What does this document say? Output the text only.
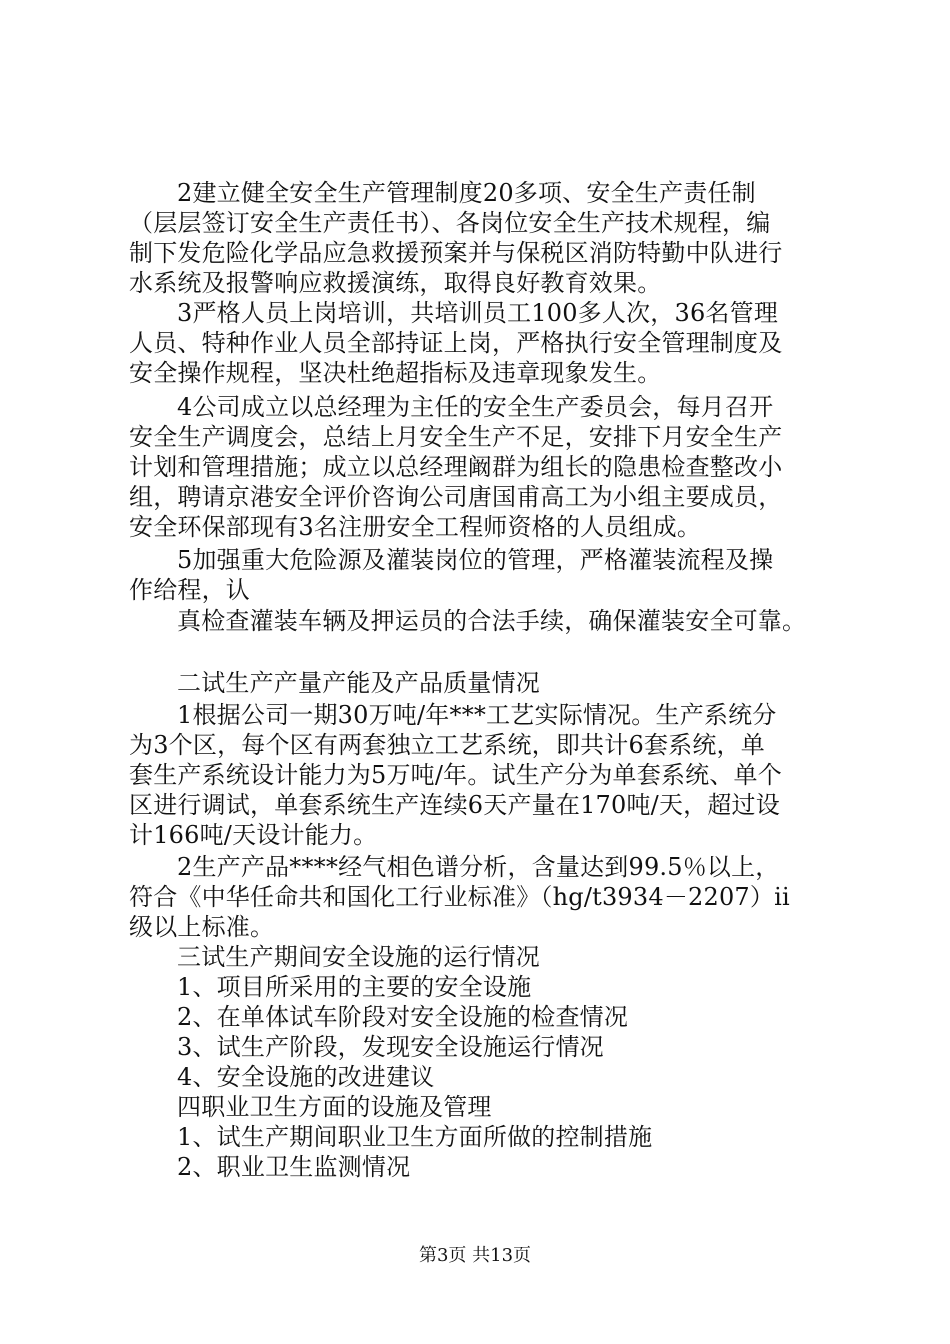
2建立健全安全生产管理制度20多项、安全生产责任制
（层层签订安全生产责任书）、各岗位安全生产技术规程，编
制下发危险化学品应急救援预案并与保税区消防特勤中队进行
水系统及报警响应救援演练，取得良好教育效果。
3严格人员上岗培训，共培训员工100多人次，36名管理
人员、特种作业人员全部持证上岗，严格执行安全管理制度及
安全操作规程，坚决杜绝超指标及违章现象发生。
4公司成立以总经理为主任的安全生产委员会，每月召开
安全生产调度会，总结上月安全生产不足，安排下月安全生产
计划和管理措施；成立以总经理阚群为组长的隐患检查整改小
组，聘请京港安全评价咨询公司唐国甫高工为小组主要成员，
安全环保部现有3名注册安全工程师资格的人员组成。
5加强重大危险源及灌装岗位的管理，严格灌装流程及操
作给程，认
真检查灌装车辆及押运员的合法手续，确保灌装安全可靠。
二试生产产量产能及产品质量情况
1根据公司一期30万吨/年***工艺实际情况。生产系统分
为3个区，每个区有两套独立工艺系统，即共计6套系统，单
套生产系统设计能力为5万吨/年。试生产分为单套系统、单个
区进行调试，单套系统生产连续6天产量在170吨/天，超过设
计166吨/天设计能力。
2生产产品****经气相色谱分析，含量达到99.5％以上，
符合《中华任命共和国化工行业标准》（hg/t3934－2207）ii
级以上标准。
三试生产期间安全设施的运行情况
1、项目所采用的主要的安全设施
2、在单体试车阶段对安全设施的检查情况
3、试生产阶段，发现安全设施运行情况
4、安全设施的改进建议
四职业卫生方面的设施及管理
1、试生产期间职业卫生方面所做的控制措施
2、职业卫生监测情况
第3页 共13页
